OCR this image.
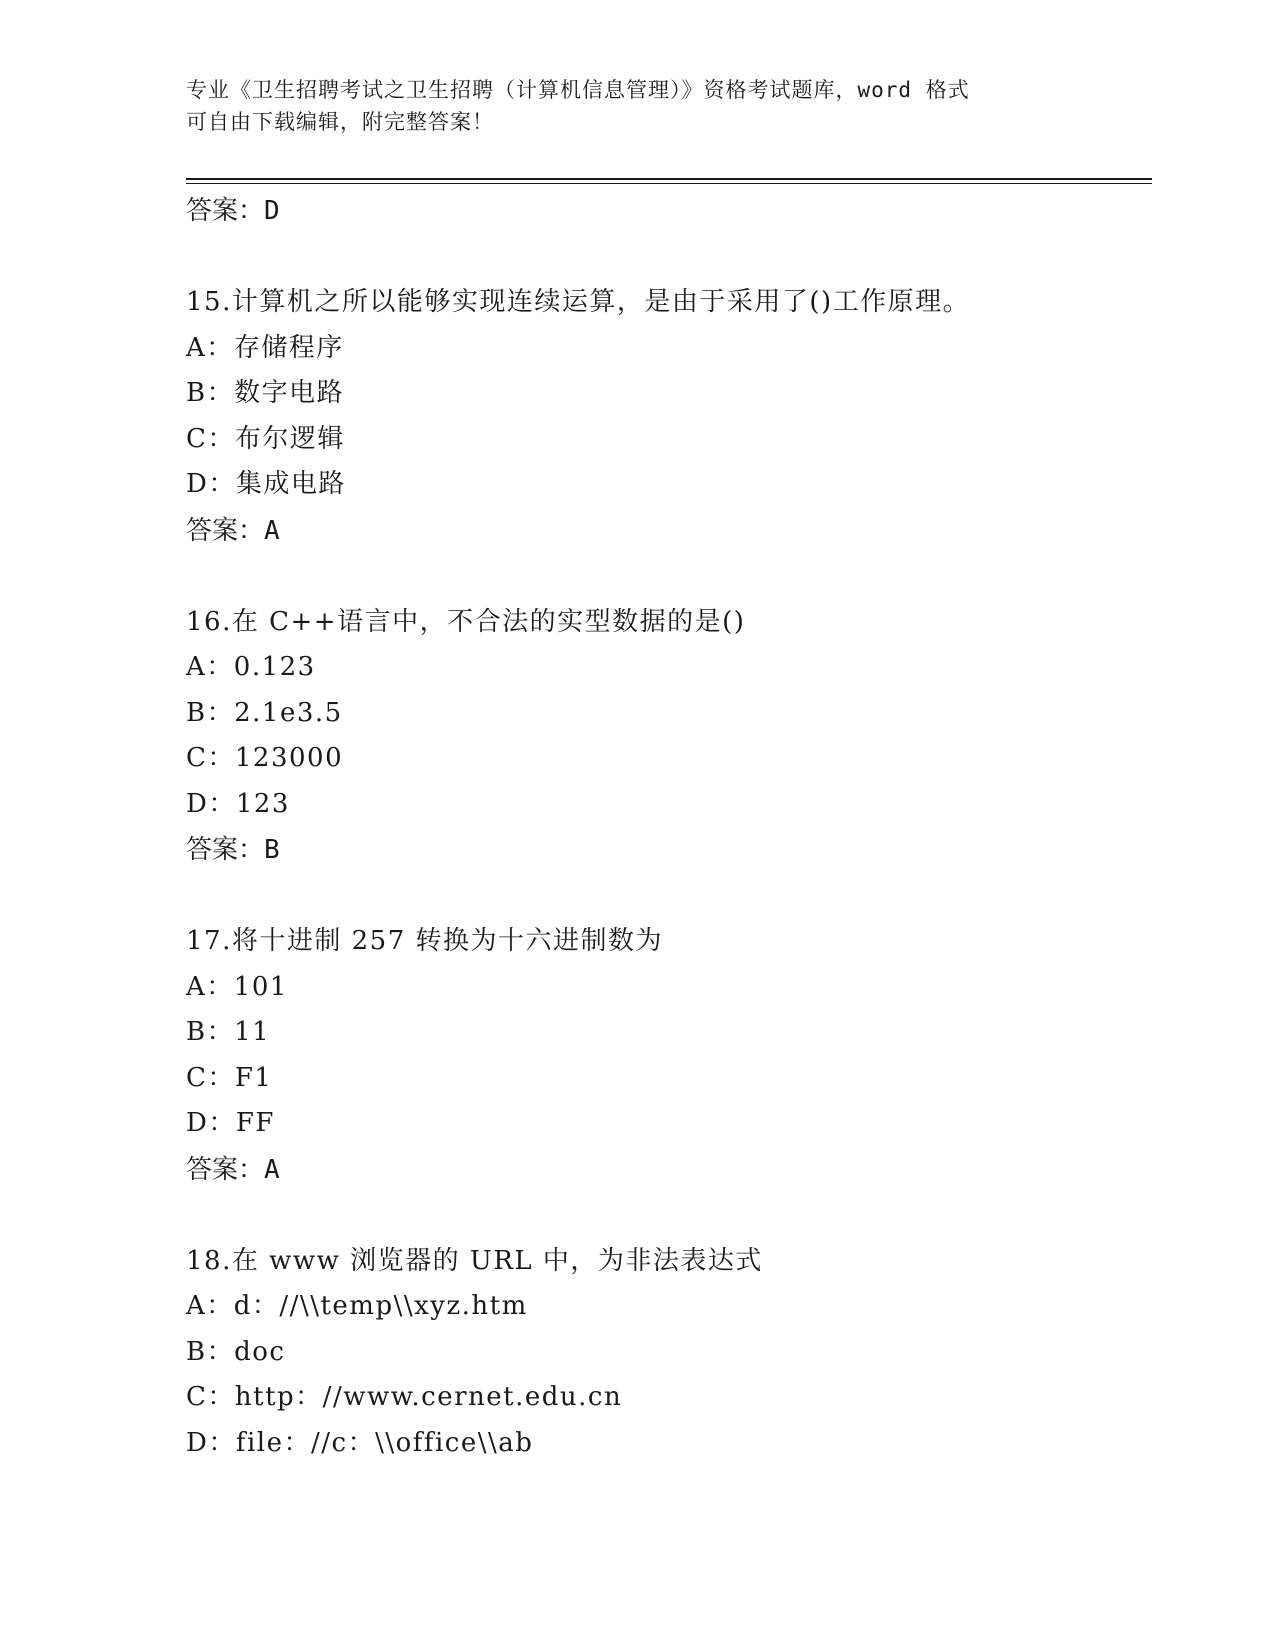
专业《卫生招聘考试之卫生招聘（计算机信息管理）》资格考试题库，word 格式
可自由下载编辑，附完整答案！
答案：D
15.计算机之所以能够实现连续运算，是由于采用了()工作原理。
A：存储程序
B：数字电路
C：布尔逻辑
D：集成电路
答案：A
16.在 C++语言中，不合法的实型数据的是()
A：0.123
B：2.1e3.5
C：123000
D：123
答案：B
17.将十进制 257 转换为十六进制数为
A：101
B：11
C：F1
D：FF
答案：A
18.在 www 浏览器的 URL 中，为非法表达式
A：d：//\\temp\\xyz.htm
B：doc
C：http：//www.cernet.edu.cn
D：file：//c：\\office\\ab
